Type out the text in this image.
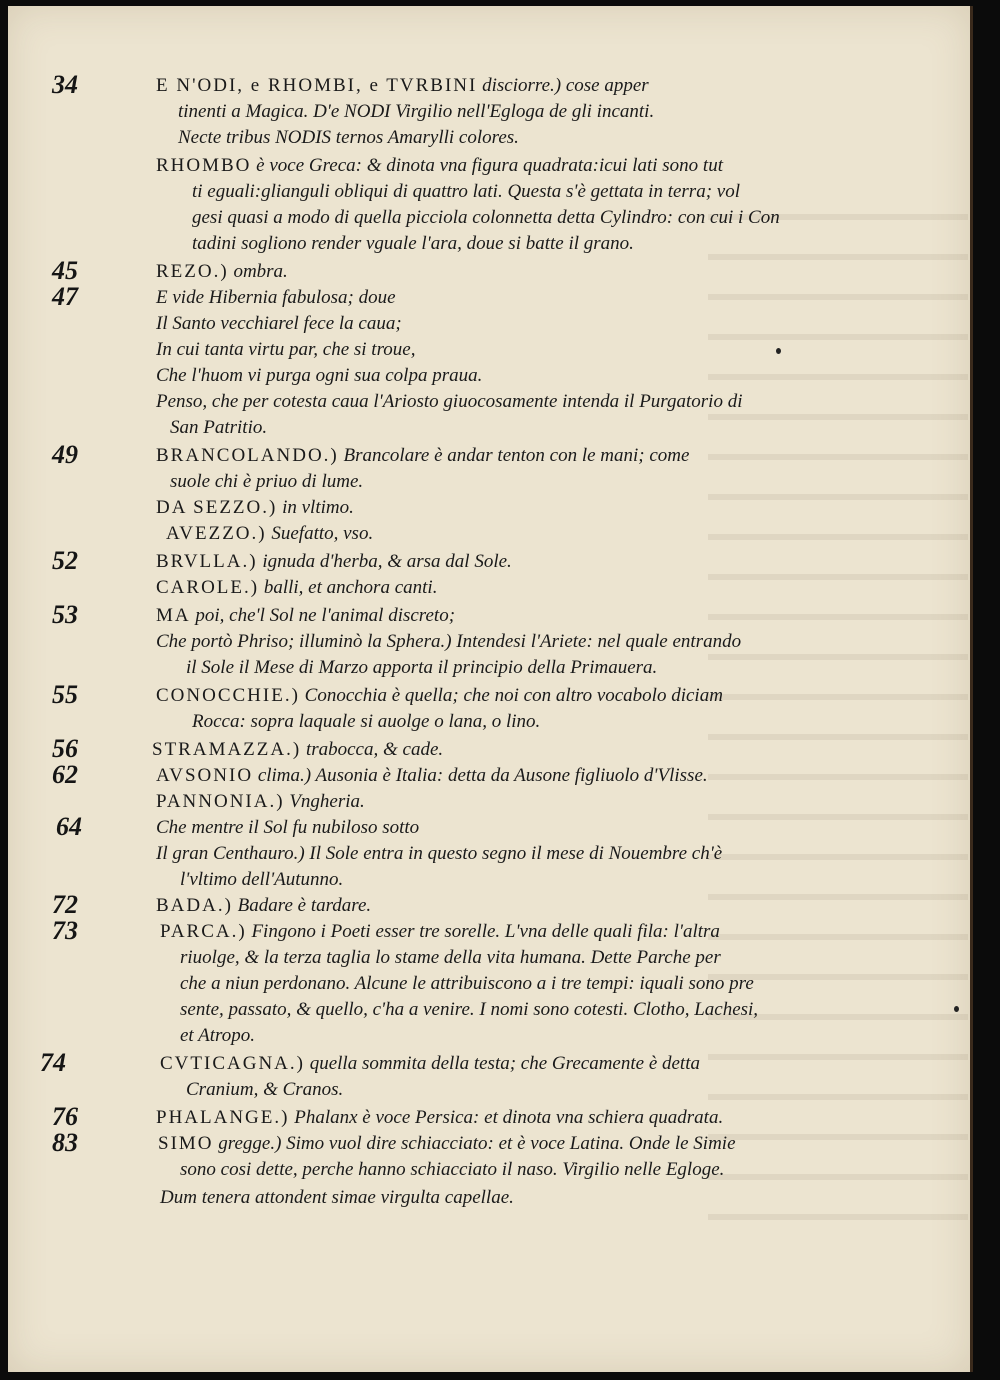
34	E N'ODI, e RHOMBI, e TVRBINI disciorre.) cose apper
tinenti a Magica. D'e NODI Virgilio nell'Egloga de gli incanti.
Necte tribus NODIS ternos Amarylli colores.
RHOMBO è voce Greca: & dinota vna figura quadrata:icui lati sono tut
ti eguali:glianguli obliqui di quattro lati. Questa s'è gettata in terra; vol
gesi quasi a modo di quella picciola colonnetta detta Cylindro: con cui i Con
tadini sogliono render vguale l'ara, doue si batte il grano.
45	REZO.) ombra.
47	E vide Hibernia fabulosa; doue
Il Santo vecchiarel fece la caua;
In cui tanta virtu par, che si troue,
Che l'huom vi purga ogni sua colpa praua.
Penso, che per cotesta caua l'Ariosto giuocosamente intenda il Purgatorio di
San Patritio.
49	BRANCOLANDO.) Brancolare è andar tenton con le mani; come
suole chi è priuo di lume.
DA SEZZO.) in vltimo.
AVEZZO.) Suefatto, vso.
52	BRVLLA.) ignuda d'herba, & arsa dal Sole.
CAROLE.) balli, et anchora canti.
53	MA poi, che'l Sol ne l'animal discreto;
Che portò Phriso; illuminò la Sphera.) Intendesi l'Ariete: nel quale entrando
il Sole il Mese di Marzo apporta il principio della Primauera.
55	CONOCCHIE.) Conocchia è quella; che noi con altro vocabolo diciam
Rocca: sopra laquale si auolge o lana, o lino.
56	STRAMAZZA.) trabocca, & cade.
62	AVSONIO clima.) Ausonia è Italia: detta da Ausone figliuolo d'Vlisse.
PANNONIA.) Vngheria.
64	Che mentre il Sol fu nubiloso sotto
Il gran Centhauro.) Il Sole entra in questo segno il mese di Nouembre ch'è
l'vltimo dell'Autunno.
72	BADA.) Badare è tardare.
73	PARCA.) Fingono i Poeti esser tre sorelle. L'vna delle quali fila: l'altra
riuolge, & la terza taglia lo stame della vita humana. Dette Parche per
che a niun perdonano. Alcune le attribuiscono a i tre tempi: iquali sono pre
sente, passato, & quello, c'ha a venire. I nomi sono cotesti. Clotho, Lachesi,
et Atropo.
74	CVTICAGNA.) quella sommita della testa; che Grecamente è detta
Cranium, & Cranos.
76	PHALANGE.) Phalanx è voce Persica: et dinota vna schiera quadrata.
83	SIMO gregge.) Simo vuol dire schiacciato: et è voce Latina. Onde le Simie
sono cosi dette, perche hanno schiacciato il naso. Virgilio nelle Egloge.
Dum tenera attondent simae virgulta capellae.
